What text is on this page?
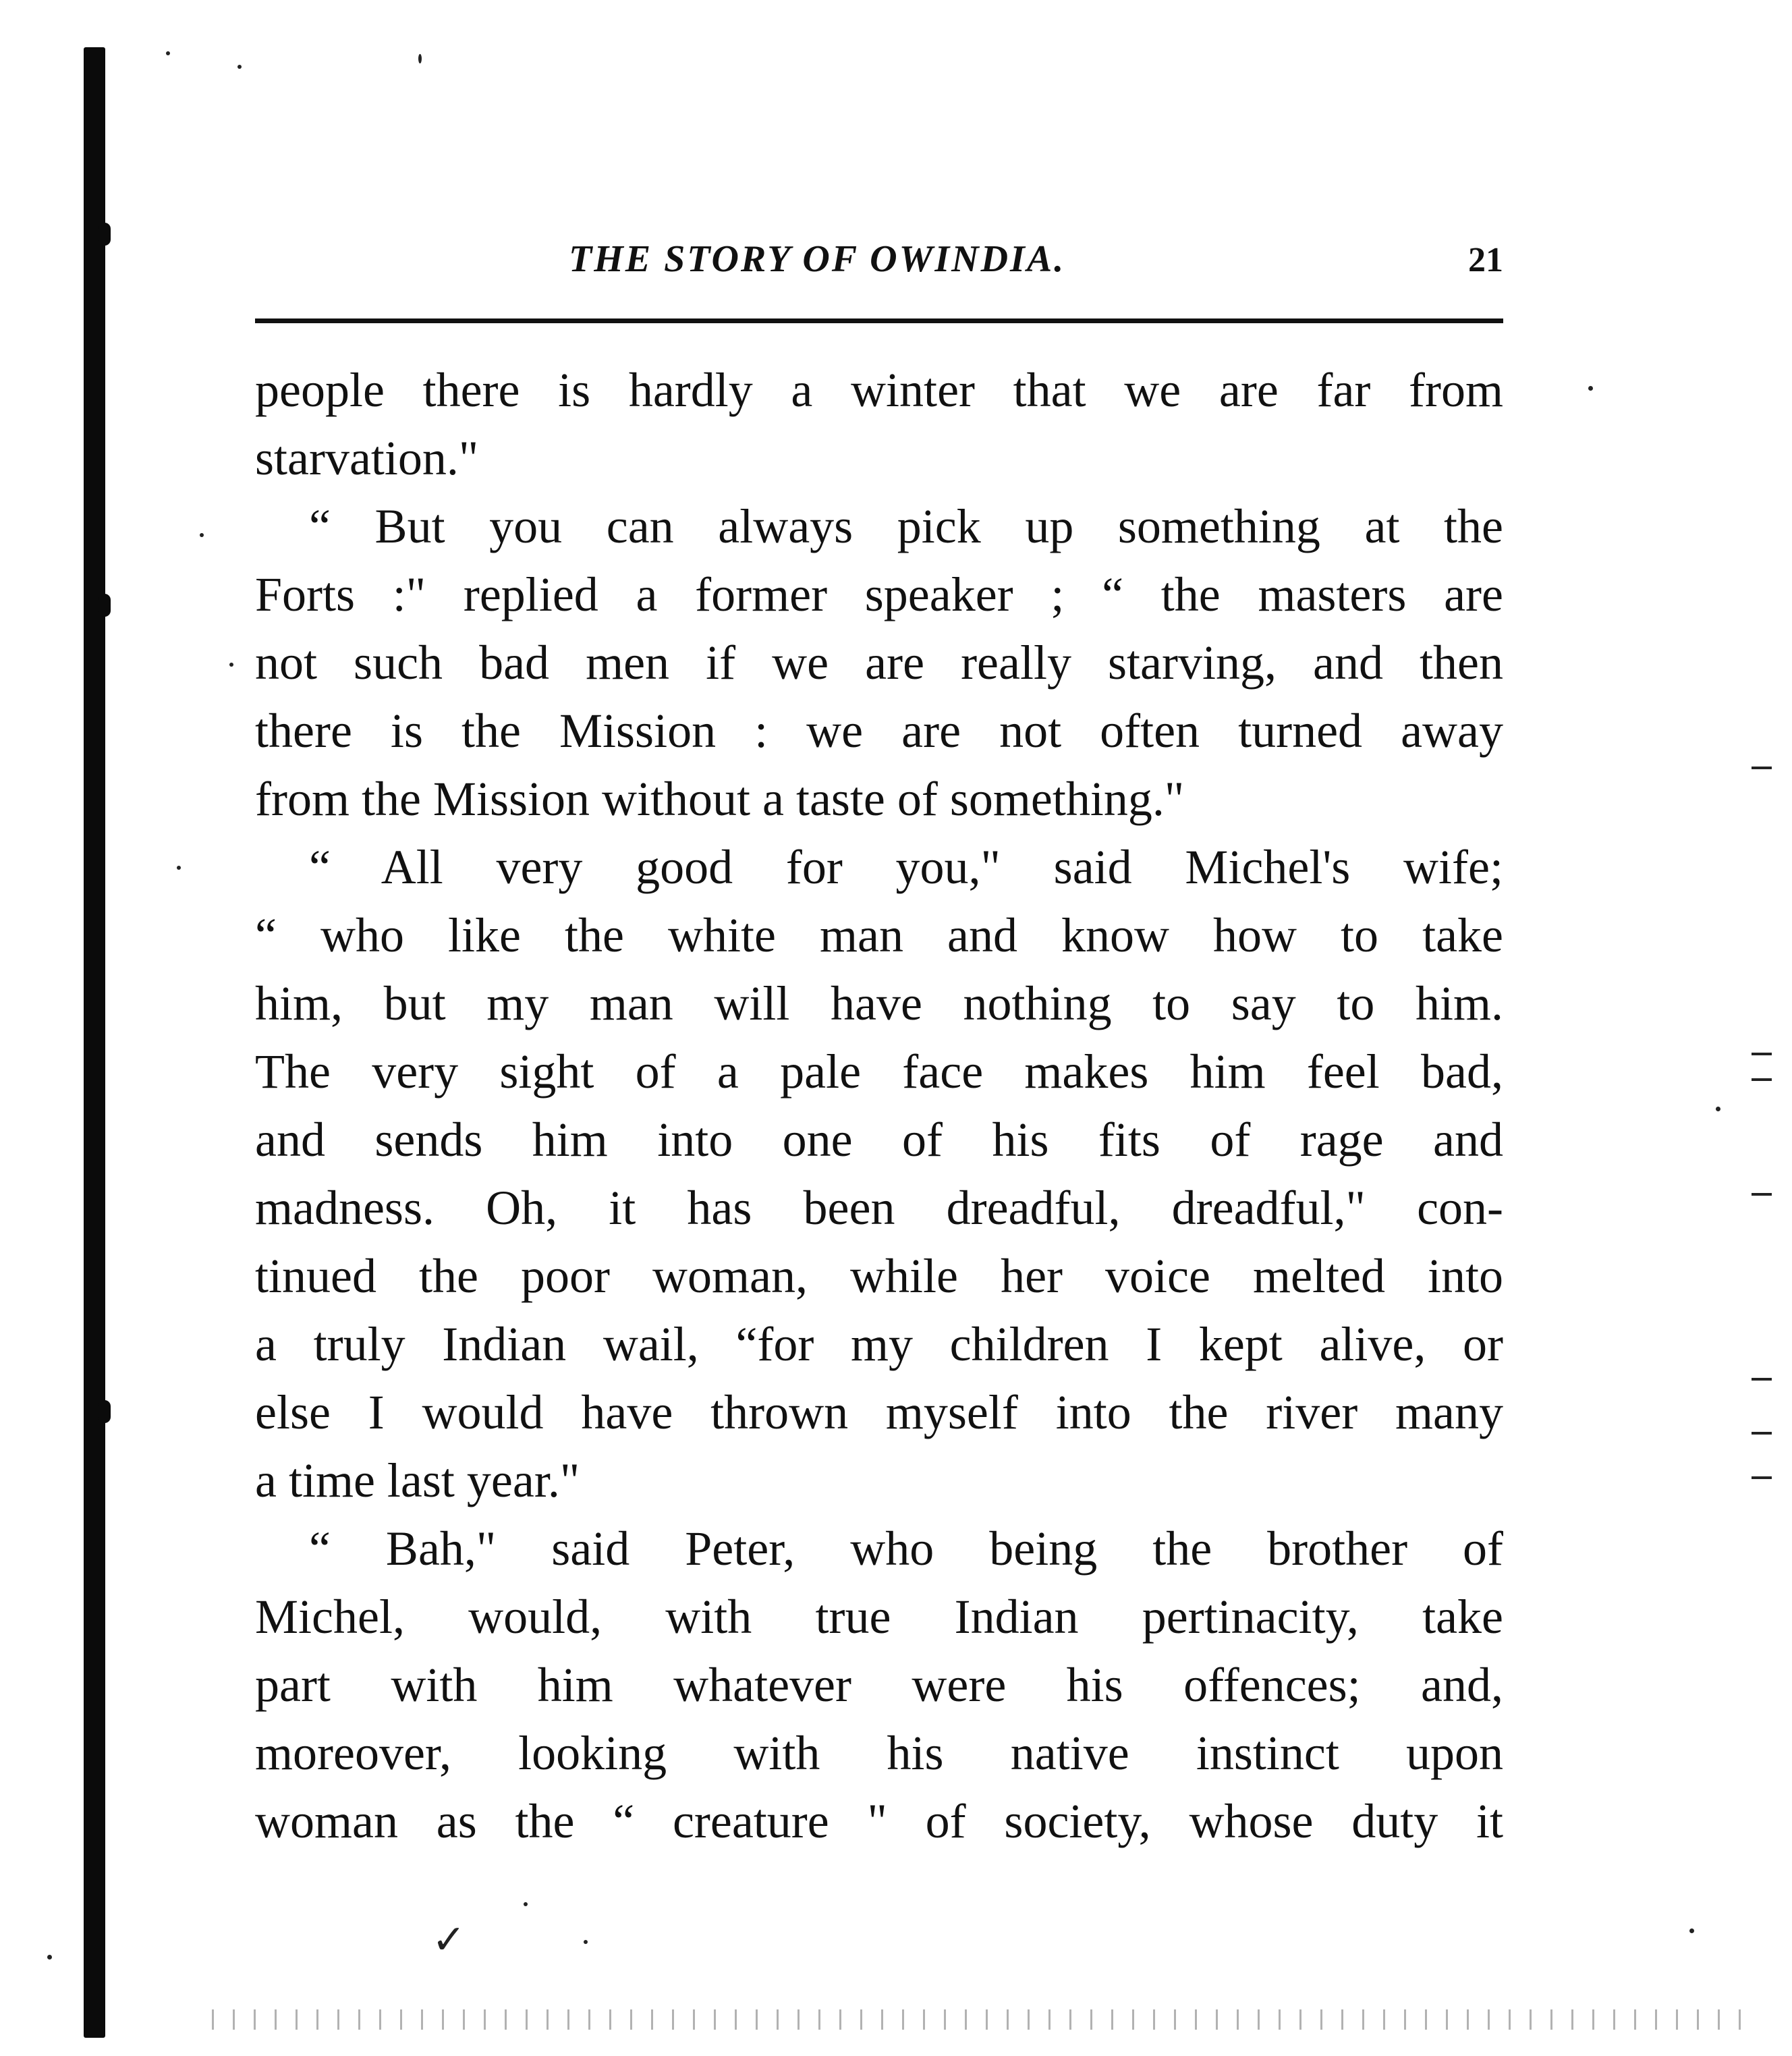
THE STORY OF OWINDIA.	21
people there is hardly a winter that we are far from
starvation."
“ But you can always pick up something at the
Forts :" replied a former speaker ; “ the masters are
not such bad men if we are really starving, and then
there is the Mission : we are not often turned away
from the Mission without a taste of something."
“ All very good for you," said Michel's wife;
“ who like the white man and know how to take
him, but my man will have nothing to say to him.
The very sight of a pale face makes him feel bad,
and sends him into one of his fits of rage and
madness. Oh, it has been dreadful, dreadful," con-
tinued the poor woman, while her voice melted into
a truly Indian wail, “for my children I kept alive, or
else I would have thrown myself into the river many
a time last year."
“ Bah," said Peter, who being the brother of
Michel, would, with true Indian pertinacity, take
part with him whatever were his offences; and,
moreover, looking with his native instinct upon
woman as the “ creature " of society, whose duty it
✓
